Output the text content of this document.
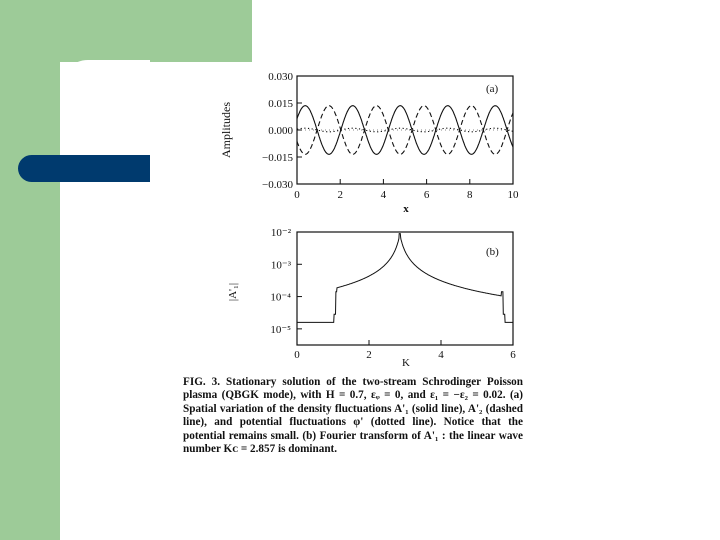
0.030
0.015
0.000
−0.015
−0.030
0	2	4	6	8	10
x
Amplitudes
(a)
10⁻²
10⁻³
10⁻⁴
10⁻⁵
0	2	4	6
K
|A'₁|
(b)
FIG. 3. Stationary solution of the two-stream Schrodinger Poisson plasma (QBGK mode), with H = 0.7, εᵩ = 0, and ε₁ = −ε₂ = 0.02. (a) Spatial variation of the density fluctuations A'₁ (solid line), A'₂ (dashed line), and potential fluctuations φ' (dotted line). Notice that the potential remains small. (b) Fourier transform of A'₁ : the linear wave number Kᴄ = 2.857 is dominant.
